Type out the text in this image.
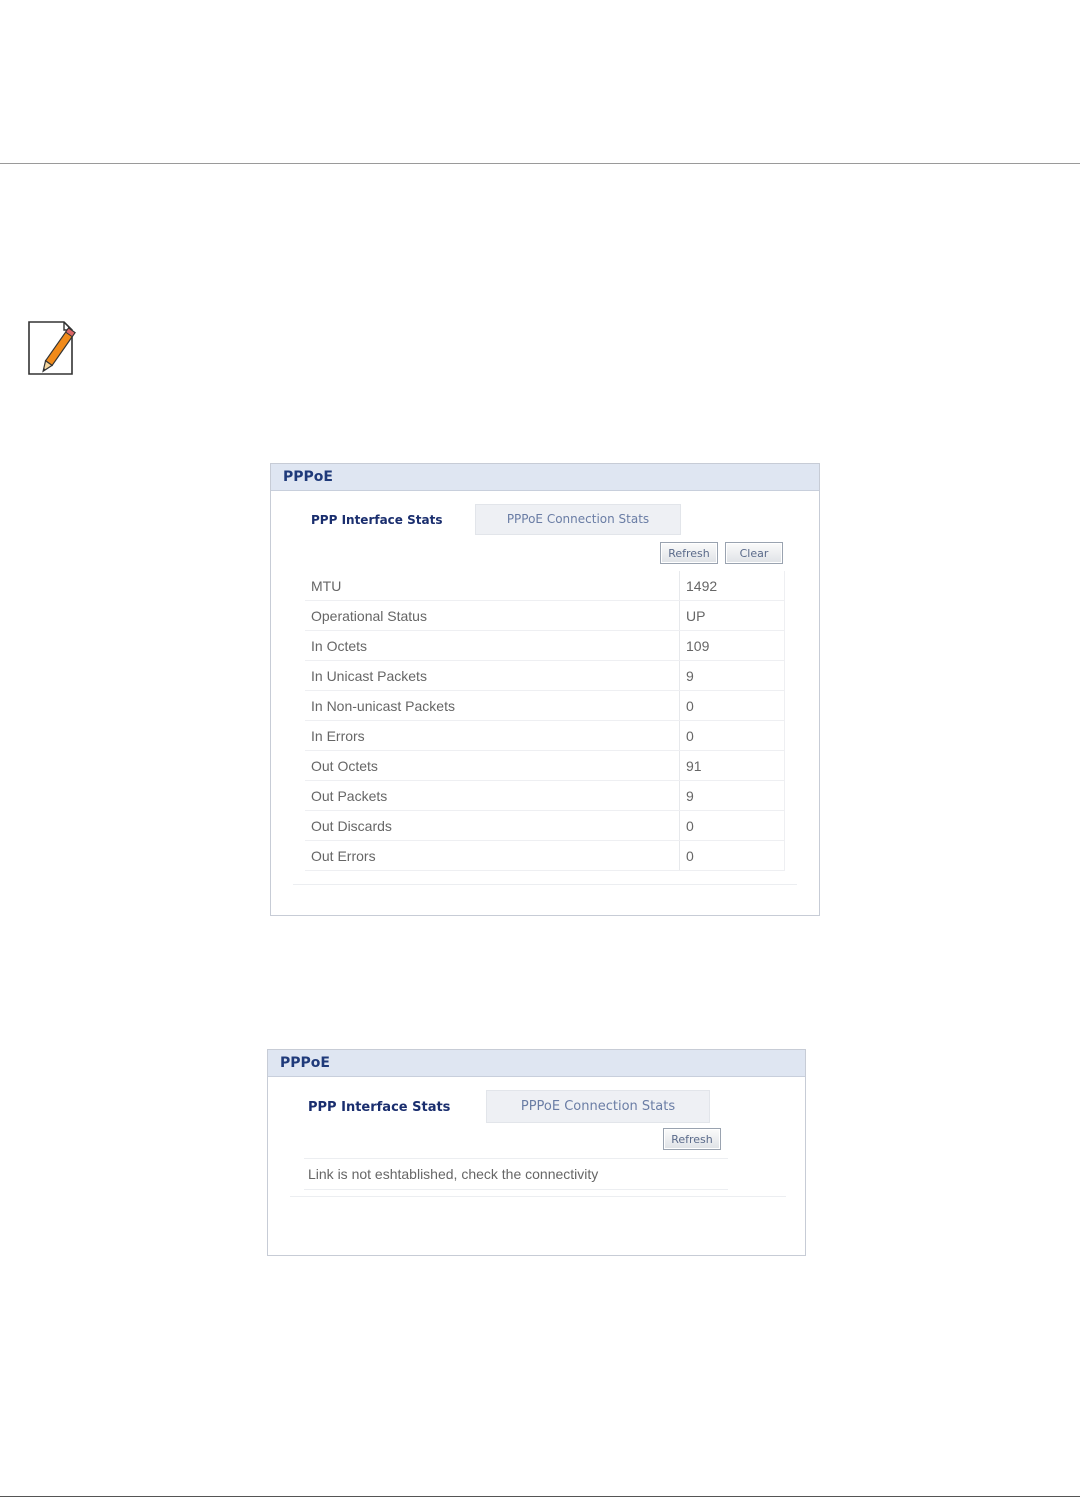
PPPoE
PPP Interface Stats	PPPoE Connection Stats
Refresh	Clear
MTU	1492
Operational Status	UP
In Octets	109
In Unicast Packets	9
In Non-unicast Packets	0
In Errors	0
Out Octets	91
Out Packets	9
Out Discards	0
Out Errors	0
PPPoE
PPP Interface Stats	PPPoE Connection Stats
Refresh
Link is not eshtablished, check the connectivity
